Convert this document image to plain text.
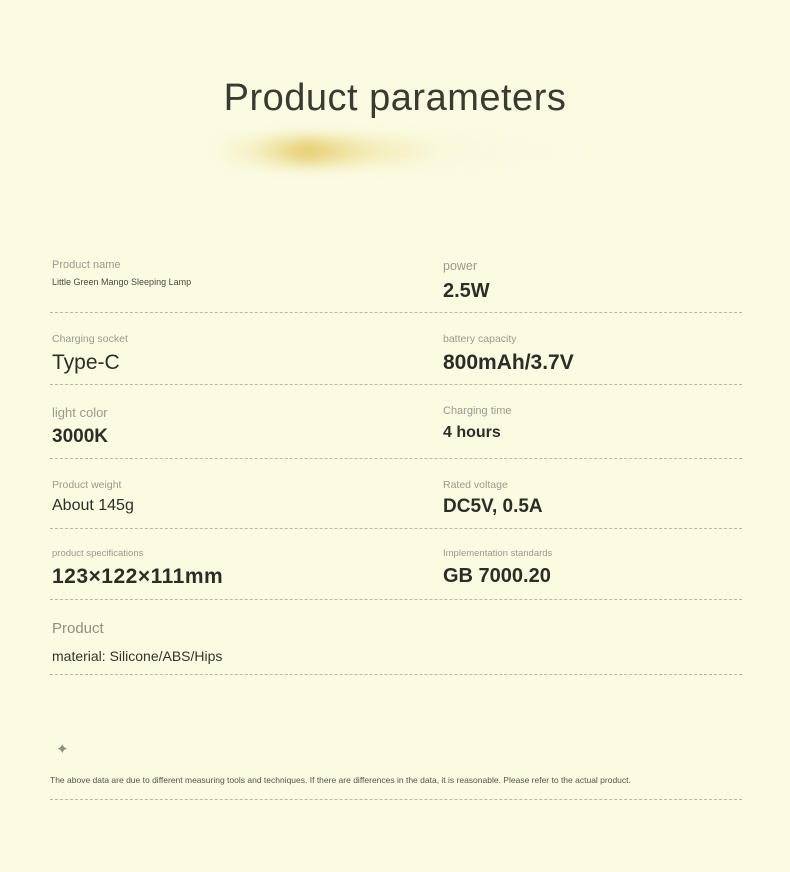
Product parameters
Product name
Little Green Mango Sleeping Lamp
power
2.5W
Charging socket
Type-C
battery capacity
800mAh/3.7V
light color
3000K
Charging time
4 hours
Product weight
About 145g
Rated voltage
DC5V, 0.5A
product specifications
123×122×111mm
Implementation standards
GB 7000.20
Product
material: Silicone/ABS/Hips
✦
The above data are due to different measuring tools and techniques. If there are differences in the data, it is reasonable. Please refer to the actual product.
